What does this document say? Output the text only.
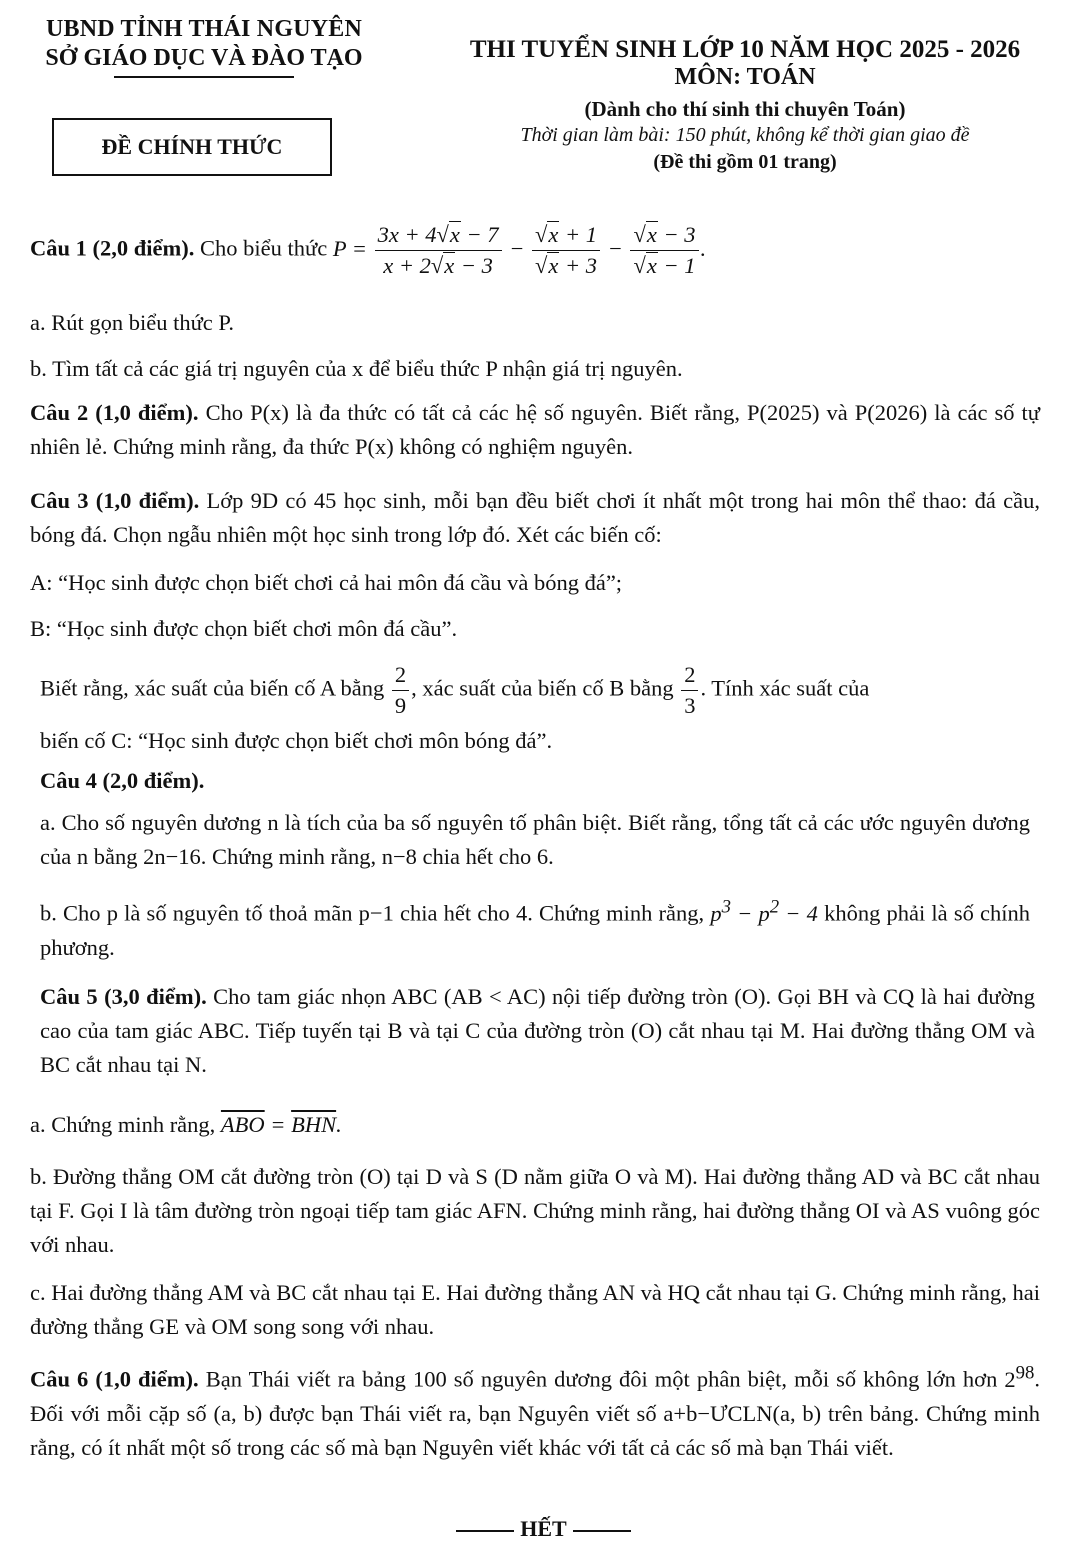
UBND TỈNH THÁI NGUYÊN
SỞ GIÁO DỤC VÀ ĐÀO TẠO
ĐỀ CHÍNH THỨC
THI TUYỂN SINH LỚP 10 NĂM HỌC 2025 - 2026
MÔN: TOÁN
(Dành cho thí sinh thi chuyên Toán)
Thời gian làm bài: 150 phút, không kể thời gian giao đề
(Đề thi gồm 01 trang)
Câu 1 (2,0 điểm). Cho biểu thức $P = \frac{3x + 4√x - 7}{x + 2√x - 3} - \frac{√x + 1}{√x + 3} - \frac{√x - 3}{√x - 1}$ .
a. Rút gọn biểu thức P.
b. Tìm tất cả các giá trị nguyên của x để biểu thức P nhận giá trị nguyên.
Câu 2 (1,0 điểm). Cho P(x) là đa thức có tất cả các hệ số nguyên. Biết rằng, P(2025) và P(2026) là các số tự nhiên lẻ. Chứng minh rằng, đa thức P(x) không có nghiệm nguyên.
Câu 3 (1,0 điểm). Lớp 9D có 45 học sinh, mỗi bạn đều biết chơi ít nhất một trong hai môn thể thao: đá cầu, bóng đá. Chọn ngẫu nhiên một học sinh trong lớp đó. Xét các biến cố:
A: “Học sinh được chọn biết chơi cả hai môn đá cầu và bóng đá”;
B: “Học sinh được chọn biết chơi môn đá cầu”.
Biết rằng, xác suất của biến cố A bằng $\frac{2}{9}$ , xác suất của biến cố B bằng $\frac{2}{3}$ . Tính xác suất của
biến cố C: “Học sinh được chọn biết chơi môn bóng đá”.
Câu 4 (2,0 điểm).
a. Cho số nguyên dương n là tích của ba số nguyên tố phân biệt. Biết rằng, tổng tất cả các ước nguyên dương của n bằng 2n−16. Chứng minh rằng, n−8 chia hết cho 6.
b. Cho p là số nguyên tố thoả mãn p−1 chia hết cho 4. Chứng minh rằng, $p^3 - p^2 - 4$ không phải là số chính phương.
Câu 5 (3,0 điểm). Cho tam giác nhọn ABC (AB < AC) nội tiếp đường tròn (O). Gọi BH và CQ là hai đường cao của tam giác ABC. Tiếp tuyến tại B và tại C của đường tròn (O) cắt nhau tại M. Hai đường thẳng OM và BC cắt nhau tại N.
a. Chứng minh rằng, $\overline{ABO} = \overline{BHN}$.
b. Đường thẳng OM cắt đường tròn (O) tại D và S (D nằm giữa O và M). Hai đường thẳng AD và BC cắt nhau tại F. Gọi I là tâm đường tròn ngoại tiếp tam giác AFN. Chứng minh rằng, hai đường thẳng OI và AS vuông góc với nhau.
c. Hai đường thẳng AM và BC cắt nhau tại E. Hai đường thẳng AN và HQ cắt nhau tại G. Chứng minh rằng, hai đường thẳng GE và OM song song với nhau.
Câu 6 (1,0 điểm). Bạn Thái viết ra bảng 100 số nguyên dương đôi một phân biệt, mỗi số không lớn hơn $2^{98}$. Đối với mỗi cặp số (a, b) được bạn Thái viết ra, bạn Nguyên viết số a+b−ƯCLN(a, b) trên bảng. Chứng minh rằng, có ít nhất một số trong các số mà bạn Nguyên viết khác với tất cả các số mà bạn Thái viết.
HẾT
